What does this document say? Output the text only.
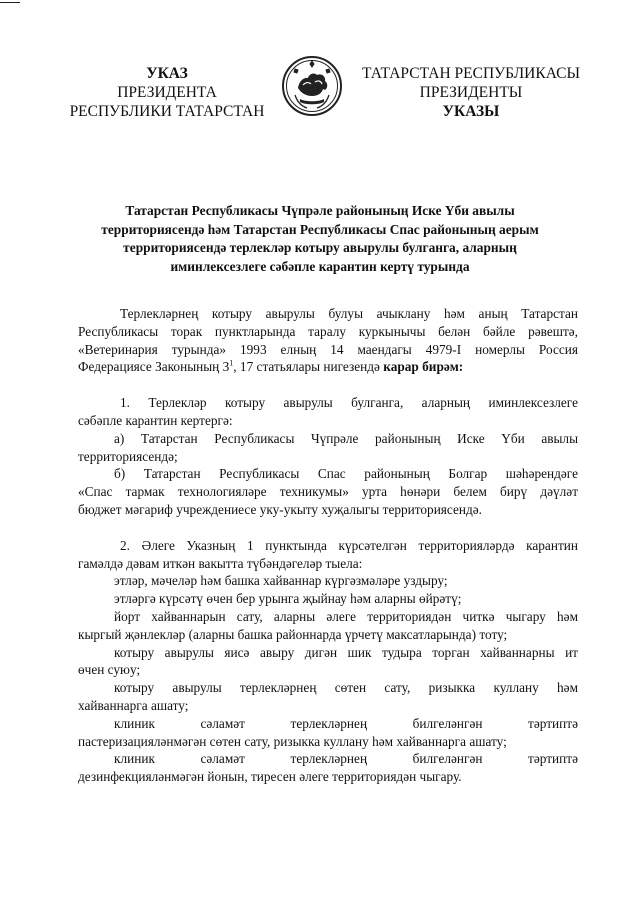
УКАЗ
ПРЕЗИДЕНТА
РЕСПУБЛИКИ ТАТАРСТАН
ТАТАРСТАН РЕСПУБЛИКАСЫ
ПРЕЗИДЕНТЫ
УКАЗЫ
Татарстан Республикасы Чүпрәле районының Иске Үби авылы
территориясендә һәм Татарстан Республикасы Спас районының аерым
территориясендә терлекләр котыру авырулы булганга, аларның
иминлексезлеге сәбәпле карантин кертү турында
Терлекләрнең котыру авырулы булуы ачыклану һәм аның Татарстан
Республикасы торак пунктларында таралу куркынычы белән бәйле рәвештә,
«Ветеринария турында» 1993 елның 14 маендагы 4979-I номерлы Россия
Федерациясе Законының $3^1$, 17 статьялары нигезендә карар бирәм:
1. Терлекләр котыру авырулы булганга, аларның иминлексезлеге
сәбәпле карантин кертергә:
а) Татарстан Республикасы Чүпрәле районының Иске Үби авылы
территориясендә;
б) Татарстан Республикасы Спас районының Болгар шәһәрендәге
«Спас тармак технологияләре техникумы» урта һөнәри белем бирү дәүләт
бюджет мәгариф учреждениесе уку-укыту хуҗалыгы территориясендә.
2. Әлеге Указның 1 пунктында күрсәтелгән территорияләрдә карантин
гамәлдә дәвам иткән вакытта түбәндәгеләр тыела:
этләр, мәчеләр һәм башка хайваннар күргәзмәләре уздыру;
этләргә күрсәтү өчен бер урынга җыйнау һәм аларны өйрәтү;
йорт хайваннарын сату, аларны әлеге территориядән читкә чыгару һәм
кыргый җәнлекләр (аларны башка районнарда үрчетү максатларында) тоту;
котыру авырулы яисә авыру дигән шик тудыра торган хайваннарны ит
өчен суюу;
котыру авырулы терлекләрнең сөтен сату, ризыкка куллану һәм
хайваннарга ашату;
клиник сәламәт терлекләрнең билгеләнгән тәртиптә
пастеризацияләнмәгән сөтен сату, ризыкка куллану һәм хайваннарга ашату;
клиник сәламәт терлекләрнең билгеләнгән тәртиптә
дезинфекцияләнмәгән йонын, тиресен әлеге территориядән чыгару.
